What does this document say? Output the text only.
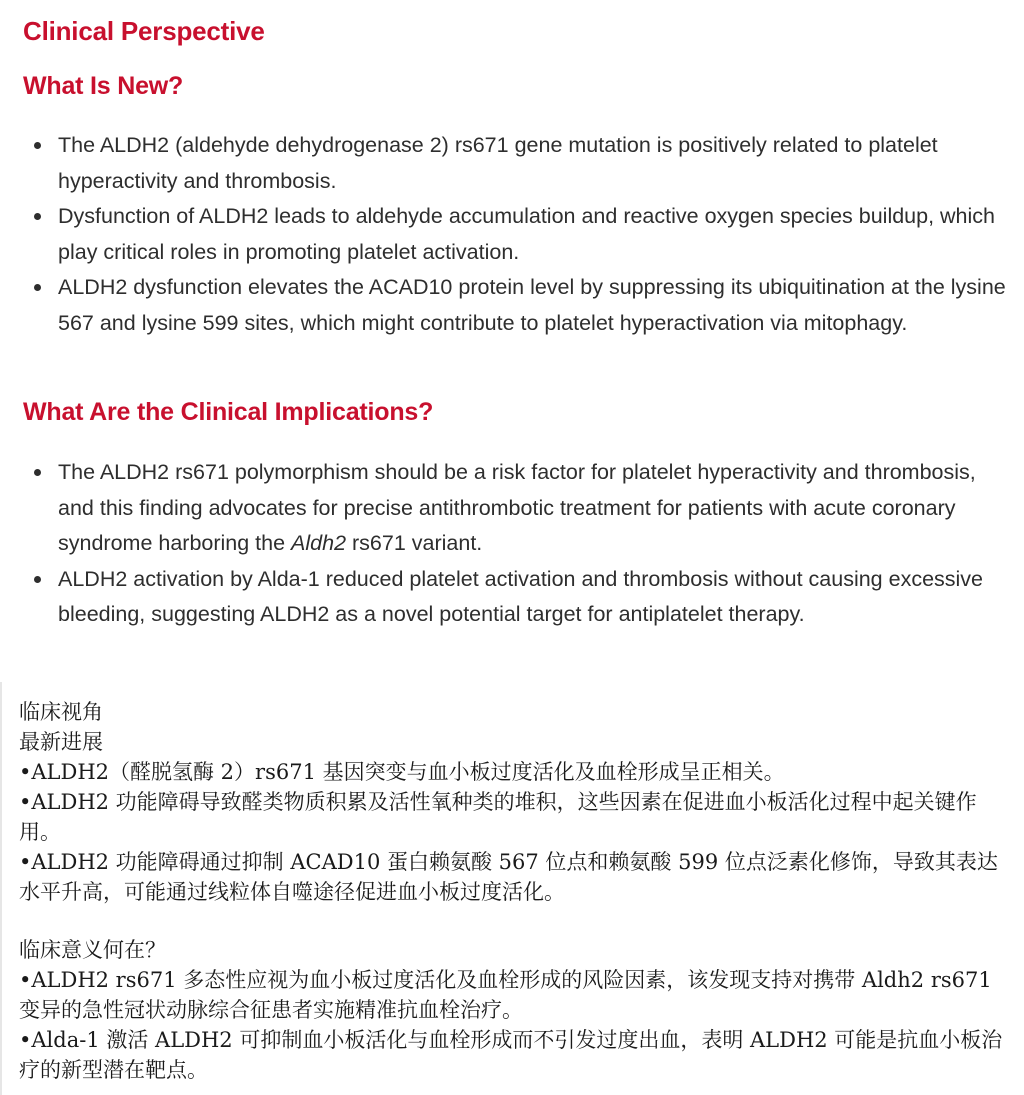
Clinical Perspective
What Is New?
The ALDH2 (aldehyde dehydrogenase 2) rs671 gene mutation is positively related to platelet hyperactivity and thrombosis.
Dysfunction of ALDH2 leads to aldehyde accumulation and reactive oxygen species buildup, which play critical roles in promoting platelet activation.
ALDH2 dysfunction elevates the ACAD10 protein level by suppressing its ubiquitination at the lysine 567 and lysine 599 sites, which might contribute to platelet hyperactivation via mitophagy.
What Are the Clinical Implications?
The ALDH2 rs671 polymorphism should be a risk factor for platelet hyperactivity and thrombosis, and this finding advocates for precise antithrombotic treatment for patients with acute coronary syndrome harboring the Aldh2 rs671 variant.
ALDH2 activation by Alda-1 reduced platelet activation and thrombosis without causing excessive bleeding, suggesting ALDH2 as a novel potential target for antiplatelet therapy.

临床视角

最新进展

•ALDH2（醛脱氢酶 2）rs671 基因突变与血小板过度活化及血栓形成呈正相关。

•ALDH2 功能障碍导致醛类物质积累及活性氧种类的堆积，这些因素在促进血小板活化过程中起关键作用。

•ALDH2 功能障碍通过抑制 ACAD10 蛋白赖氨酸 567 位点和赖氨酸 599 位点泛素化修饰，导致其表达水平升高，可能通过线粒体自噬途径促进血小板过度活化。

临床意义何在？

•ALDH2 rs671 多态性应视为血小板过度活化及血栓形成的风险因素，该发现支持对携带 Aldh2 rs671 变异的急性冠状动脉综合征患者实施精准抗血栓治疗。

•Alda-1 激活 ALDH2 可抑制血小板活化与血栓形成而不引发过度出血，表明 ALDH2 可能是抗血小板治疗的新型潜在靶点。
